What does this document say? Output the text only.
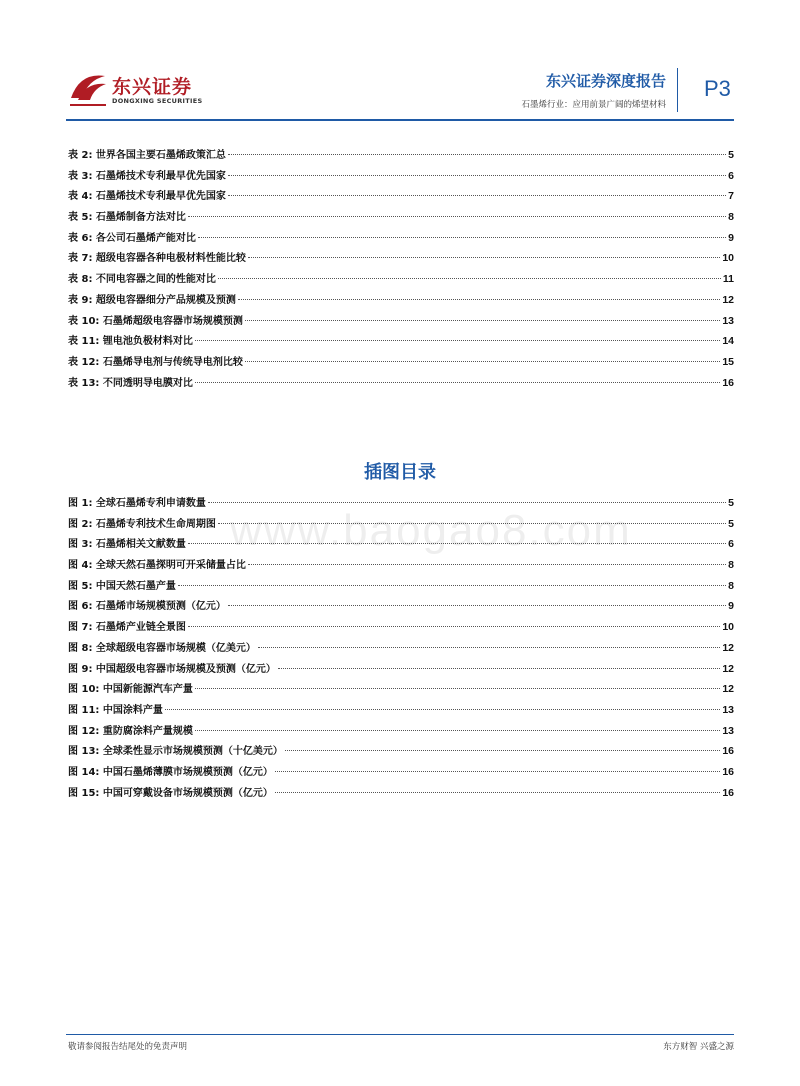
东兴证券
DONGXING SECURITIES
东兴证券深度报告
石墨烯行业：应用前景广阔的烯望材料
P3
www.baogao8.com
表 2: 世界各国主要石墨烯政策汇总	5
表 3: 石墨烯技术专利最早优先国家	6
表 4: 石墨烯技术专利最早优先国家	7
表 5: 石墨烯制备方法对比	8
表 6: 各公司石墨烯产能对比	9
表 7: 超级电容器各种电极材料性能比较	10
表 8: 不同电容器之间的性能对比	11
表 9: 超级电容器细分产品规模及预测	12
表 10: 石墨烯超级电容器市场规模预测	13
表 11: 锂电池负极材料对比	14
表 12: 石墨烯导电剂与传统导电剂比较	15
表 13: 不同透明导电膜对比	16
插图目录
图 1: 全球石墨烯专利申请数量	5
图 2: 石墨烯专利技术生命周期图	5
图 3: 石墨烯相关文献数量	6
图 4: 全球天然石墨探明可开采储量占比	8
图 5: 中国天然石墨产量	8
图 6: 石墨烯市场规模预测（亿元）	9
图 7: 石墨烯产业链全景图	10
图 8: 全球超级电容器市场规模（亿美元）	12
图 9: 中国超级电容器市场规模及预测（亿元）	12
图 10: 中国新能源汽车产量	12
图 11: 中国涂料产量	13
图 12: 重防腐涂料产量规模	13
图 13: 全球柔性显示市场规模预测（十亿美元）	16
图 14: 中国石墨烯薄膜市场规模预测（亿元）	16
图 15: 中国可穿戴设备市场规模预测（亿元）	16
敬请参阅报告结尾处的免责声明	东方财智 兴盛之源
